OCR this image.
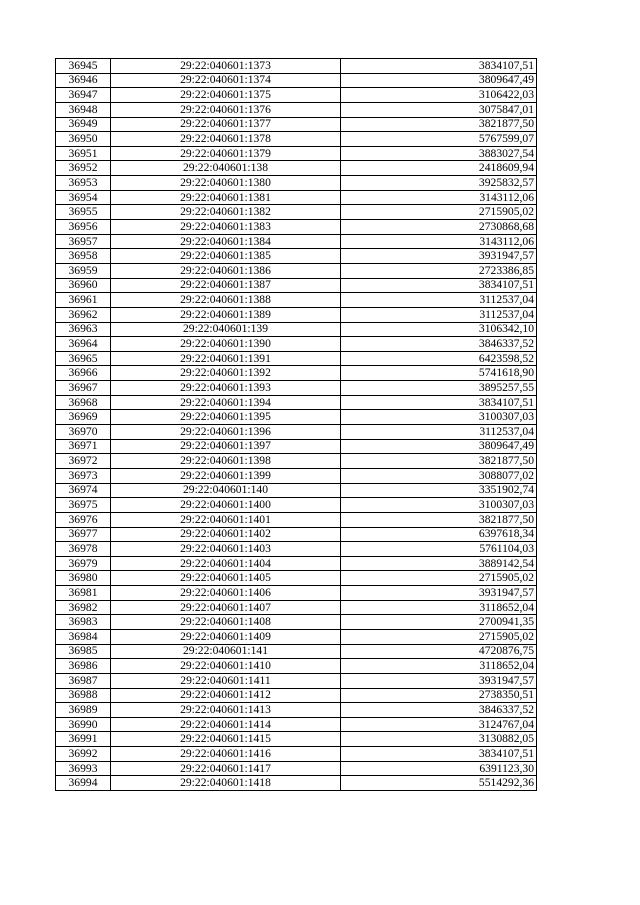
36945	29:22:040601:1373	3834107,51
36946	29:22:040601:1374	3809647,49
36947	29:22:040601:1375	3106422,03
36948	29:22:040601:1376	3075847,01
36949	29:22:040601:1377	3821877,50
36950	29:22:040601:1378	5767599,07
36951	29:22:040601:1379	3883027,54
36952	29:22:040601:138	2418609,94
36953	29:22:040601:1380	3925832,57
36954	29:22:040601:1381	3143112,06
36955	29:22:040601:1382	2715905,02
36956	29:22:040601:1383	2730868,68
36957	29:22:040601:1384	3143112,06
36958	29:22:040601:1385	3931947,57
36959	29:22:040601:1386	2723386,85
36960	29:22:040601:1387	3834107,51
36961	29:22:040601:1388	3112537,04
36962	29:22:040601:1389	3112537,04
36963	29:22:040601:139	3106342,10
36964	29:22:040601:1390	3846337,52
36965	29:22:040601:1391	6423598,52
36966	29:22:040601:1392	5741618,90
36967	29:22:040601:1393	3895257,55
36968	29:22:040601:1394	3834107,51
36969	29:22:040601:1395	3100307,03
36970	29:22:040601:1396	3112537,04
36971	29:22:040601:1397	3809647,49
36972	29:22:040601:1398	3821877,50
36973	29:22:040601:1399	3088077,02
36974	29:22:040601:140	3351902,74
36975	29:22:040601:1400	3100307,03
36976	29:22:040601:1401	3821877,50
36977	29:22:040601:1402	6397618,34
36978	29:22:040601:1403	5761104,03
36979	29:22:040601:1404	3889142,54
36980	29:22:040601:1405	2715905,02
36981	29:22:040601:1406	3931947,57
36982	29:22:040601:1407	3118652,04
36983	29:22:040601:1408	2700941,35
36984	29:22:040601:1409	2715905,02
36985	29:22:040601:141	4720876,75
36986	29:22:040601:1410	3118652,04
36987	29:22:040601:1411	3931947,57
36988	29:22:040601:1412	2738350,51
36989	29:22:040601:1413	3846337,52
36990	29:22:040601:1414	3124767,04
36991	29:22:040601:1415	3130882,05
36992	29:22:040601:1416	3834107,51
36993	29:22:040601:1417	6391123,30
36994	29:22:040601:1418	5514292,36
